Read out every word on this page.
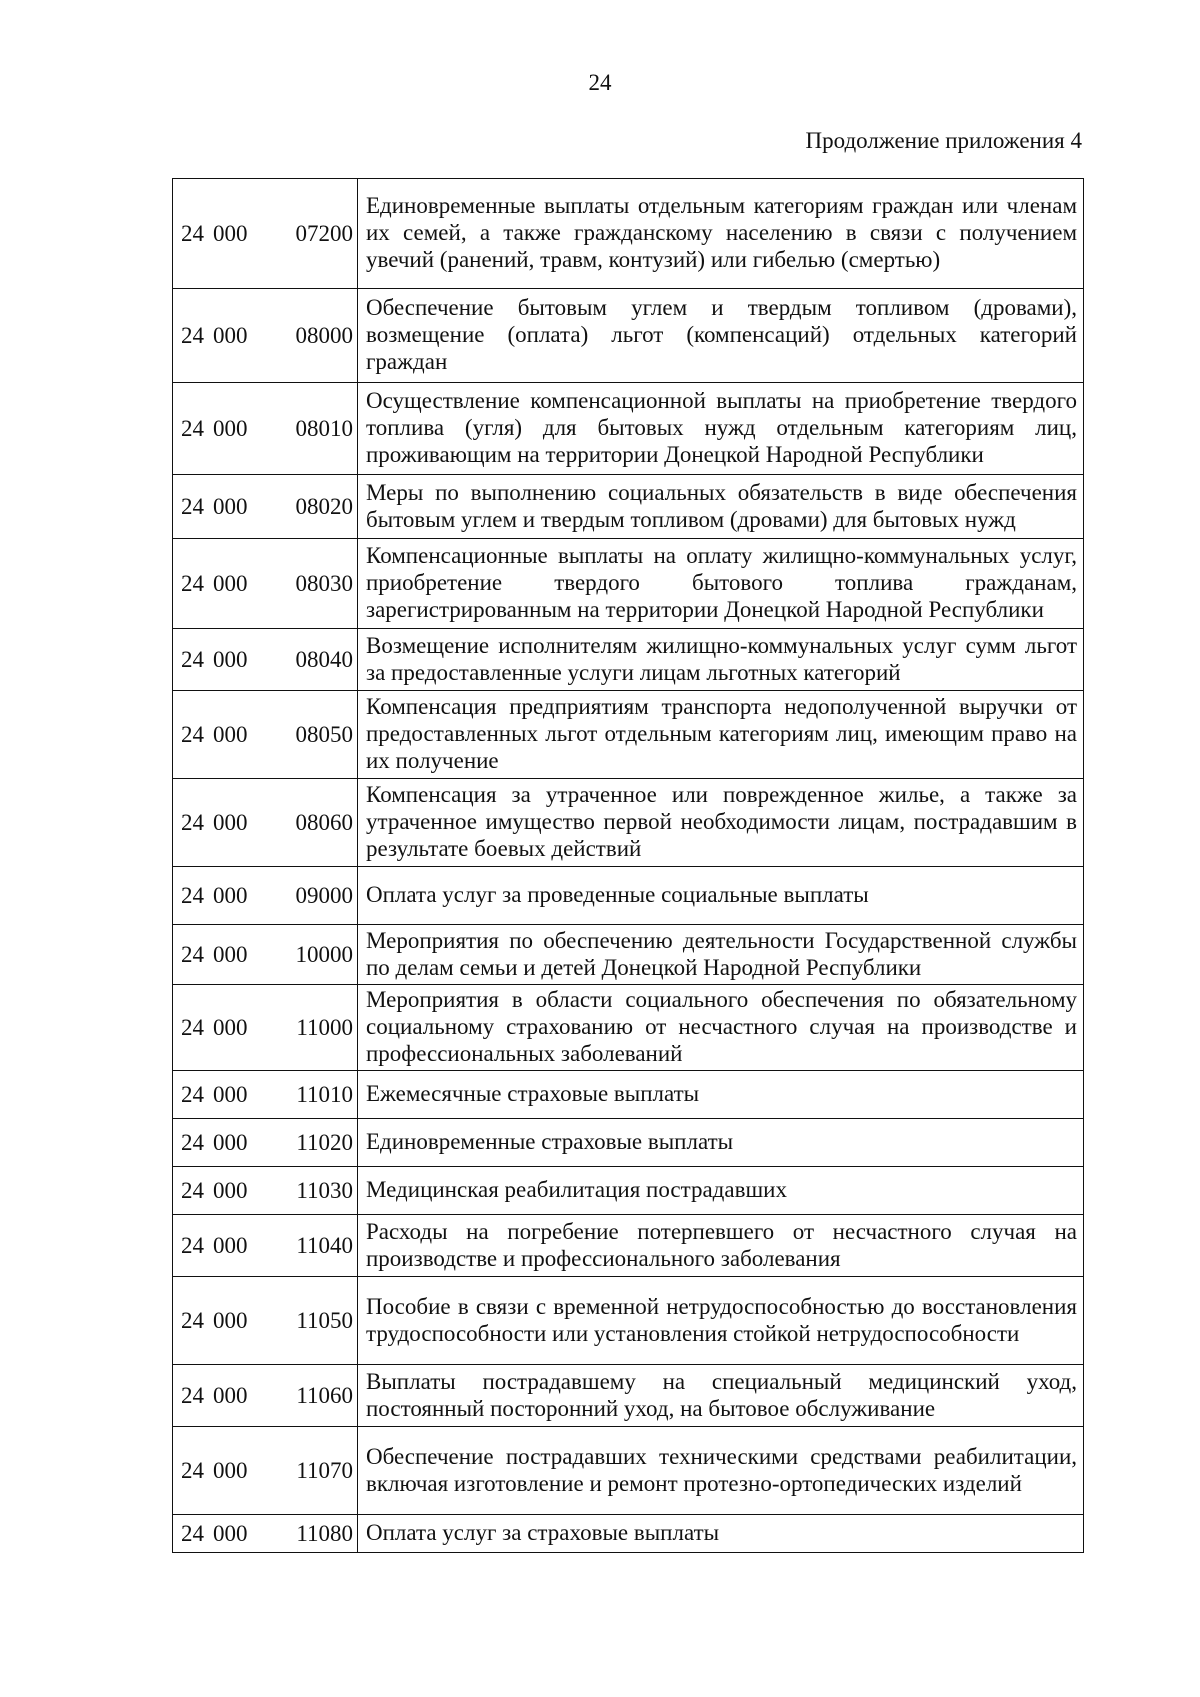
24
Продолжение приложения 4
24 000 07200	Единовременные выплаты отдельным категориям граждан или членам их семей, а также гражданскому населению в связи с получением увечий (ранений, травм, контузий) или гибелью (смертью)

24 000 08000	Обеспечение бытовым углем и твердым топливом (дровами), возмещение (оплата) льгот (компенсаций) отдельных категорий граждан

24 000 08010	Осуществление компенсационной выплаты на приобретение твердого топлива (угля) для бытовых нужд отдельным категориям лиц, проживающим на территории Донецкой Народной Республики

24 000 08020	Меры по выполнению социальных обязательств в виде обеспечения бытовым углем и твердым топливом (дровами) для бытовых нужд

24 000 08030	Компенсационные выплаты на оплату жилищно-коммунальных услуг, приобретение твердого бытового топлива гражданам, зарегистрированным на территории Донецкой Народной Республики

24 000 08040	Возмещение исполнителям жилищно-коммунальных услуг сумм льгот за предоставленные услуги лицам льготных категорий

24 000 08050	Компенсация предприятиям транспорта недополученной выручки от предоставленных льгот отдельным категориям лиц, имеющим право на их получение

24 000 08060	Компенсация за утраченное или поврежденное жилье, а также за утраченное имущество первой необходимости лицам, пострадавшим в результате боевых действий

24 000 09000	Оплата услуг за проведенные социальные выплаты

24 000 10000	Мероприятия по обеспечению деятельности Государственной службы по делам семьи и детей Донецкой Народной Республики

24 000 11000	Мероприятия в области социального обеспечения по обязательному социальному страхованию от несчастного случая на производстве и профессиональных заболеваний

24 000 11010	Ежемесячные страховые выплаты

24 000 11020	Единовременные страховые выплаты

24 000 11030	Медицинская реабилитация пострадавших

24 000 11040	Расходы на погребение потерпевшего от несчастного случая на производстве и профессионального заболевания

24 000 11050	Пособие в связи с временной нетрудоспособностью до восстановления трудоспособности или установления стойкой нетрудоспособности

24 000 11060	Выплаты пострадавшему на специальный медицинский уход, постоянный посторонний уход, на бытовое обслуживание

24 000 11070	Обеспечение пострадавших техническими средствами реабилитации, включая изготовление и ремонт протезно-ортопедических изделий

24 000 11080	Оплата услуг за страховые выплаты
